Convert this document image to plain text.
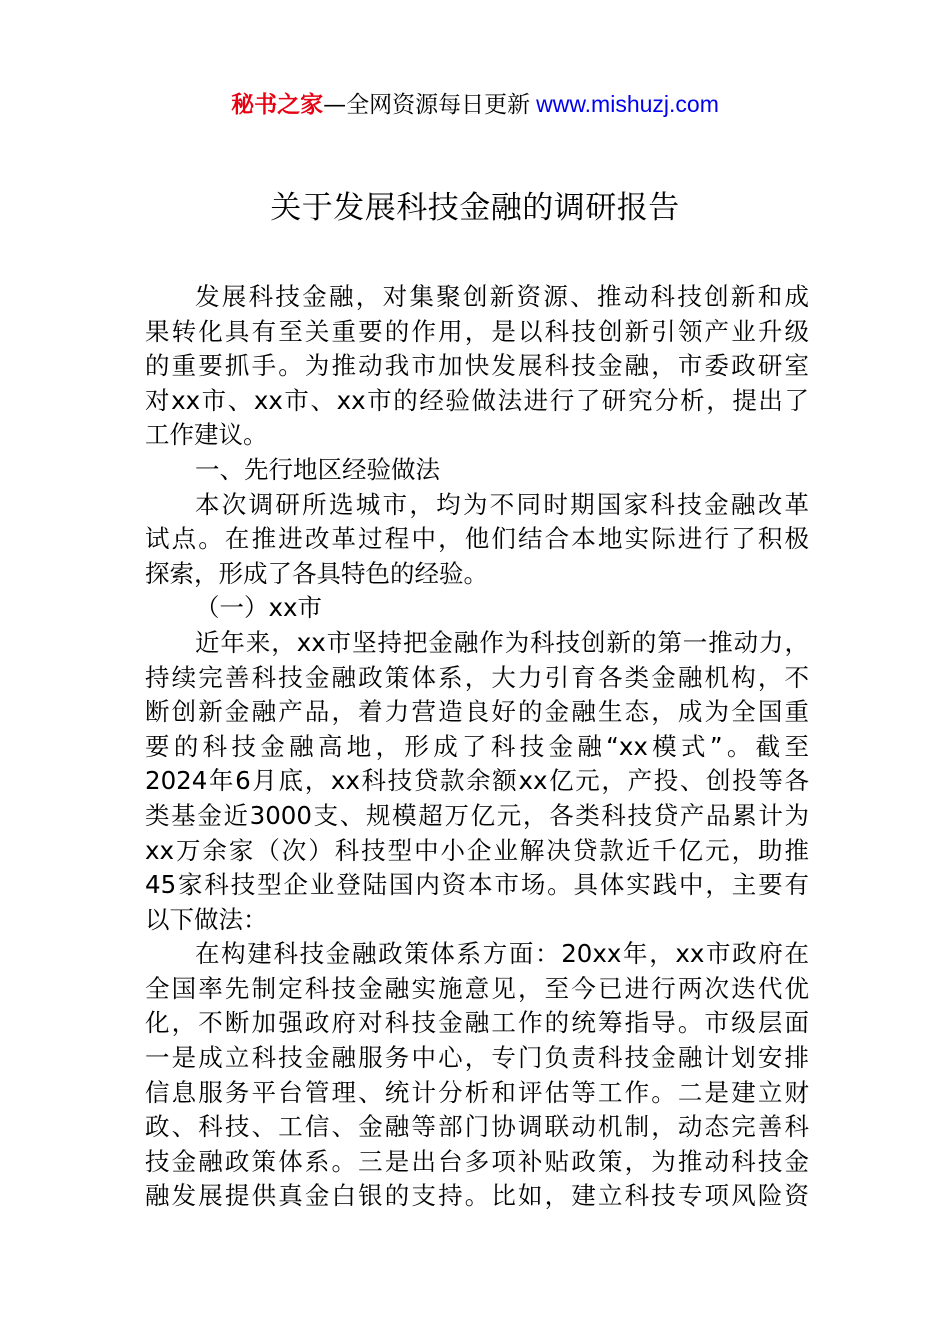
秘书之家—全网资源每日更新 www.mishuzj.com
关于发展科技金融的调研报告
发展科技金融，对集聚创新资源、推动科技创新和成
果转化具有至关重要的作用，是以科技创新引领产业升级
的重要抓手。为推动我市加快发展科技金融，市委政研室
对xx市、xx市、xx市的经验做法进行了研究分析，提出了
工作建议。
一、先行地区经验做法
本次调研所选城市，均为不同时期国家科技金融改革
试点。在推进改革过程中，他们结合本地实际进行了积极
探索，形成了各具特色的经验。
（一）xx市
近年来，xx市坚持把金融作为科技创新的第一推动力，
持续完善科技金融政策体系，大力引育各类金融机构，不
断创新金融产品，着力营造良好的金融生态，成为全国重
要的科技金融高地，形成了科技金融“xx模式”。截至
2024年6月底，xx科技贷款余额xx亿元，产投、创投等各
类基金近3000支、规模超万亿元，各类科技贷产品累计为
xx万余家（次）科技型中小企业解决贷款近千亿元，助推
45家科技型企业登陆国内资本市场。具体实践中，主要有
以下做法：
在构建科技金融政策体系方面：20xx年，xx市政府在
全国率先制定科技金融实施意见，至今已进行两次迭代优
化，不断加强政府对科技金融工作的统筹指导。市级层面
一是成立科技金融服务中心，专门负责科技金融计划安排
信息服务平台管理、统计分析和评估等工作。二是建立财
政、科技、工信、金融等部门协调联动机制，动态完善科
技金融政策体系。三是出台多项补贴政策，为推动科技金
融发展提供真金白银的支持。比如，建立科技专项风险资
